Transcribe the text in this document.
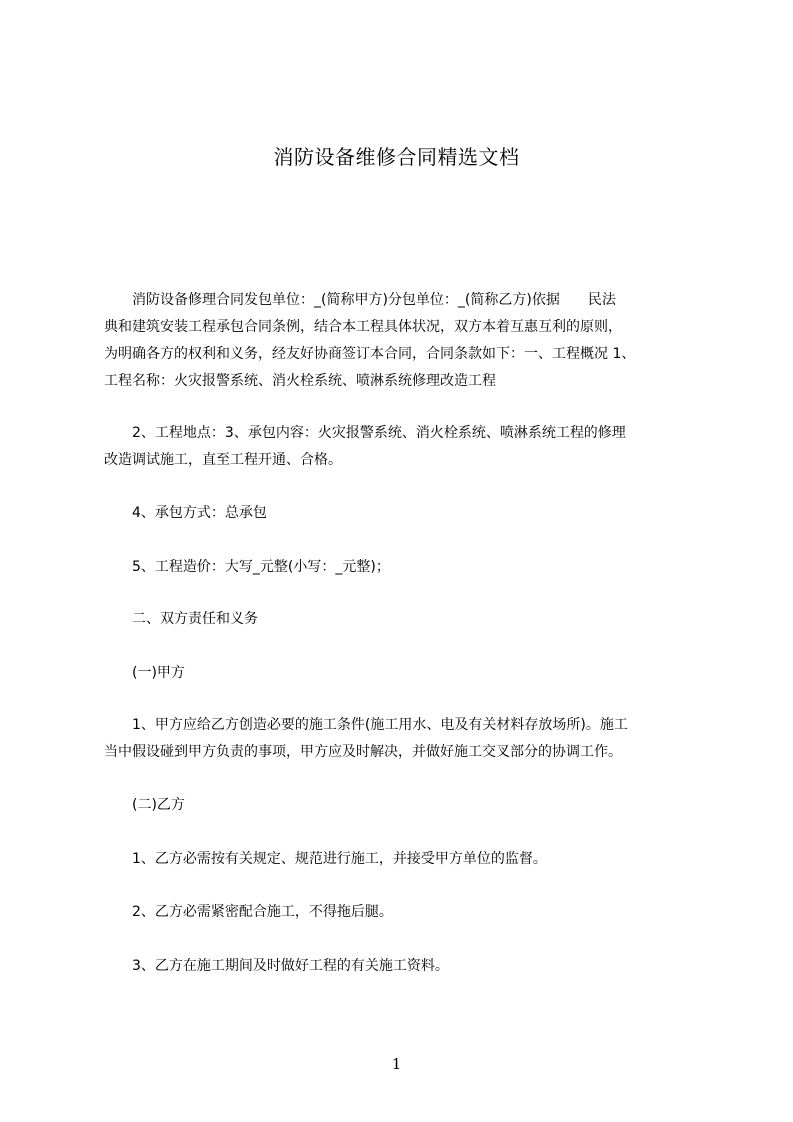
消防设备维修合同精选文档
　　消防设备修理合同发包单位：_(简称甲方)分包单位：_(简称乙方)依据　　民法
典和建筑安装工程承包合同条例，结合本工程具体状况，双方本着互惠互利的原则，
为明确各方的权利和义务，经友好协商签订本合同，合同条款如下：一、工程概况 1、
工程名称：火灾报警系统、消火栓系统、喷淋系统修理改造工程
　　2、工程地点：3、承包内容：火灾报警系统、消火栓系统、喷淋系统工程的修理
改造调试施工，直至工程开通、合格。
　　4、承包方式：总承包
　　5、工程造价：大写_元整(小写：_元整)；
　　二、双方责任和义务
　　(一)甲方
　　1、甲方应给乙方创造必要的施工条件(施工用水、电及有关材料存放场所)。施工
当中假设碰到甲方负责的事项，甲方应及时解决，并做好施工交叉部分的协调工作。
　　(二)乙方
　　1、乙方必需按有关规定、规范进行施工，并接受甲方单位的监督。
　　2、乙方必需紧密配合施工，不得拖后腿。
　　3、乙方在施工期间及时做好工程的有关施工资料。
1
